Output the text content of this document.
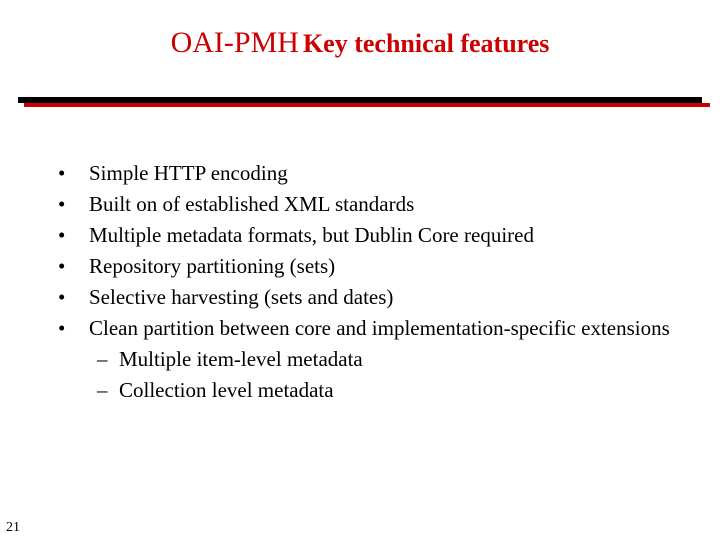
OAI-PMH Key technical features
• Simple HTTP encoding
• Built on of established XML standards
• Multiple metadata formats, but Dublin Core required
• Repository partitioning (sets)
• Selective harvesting (sets and dates)
• Clean partition between core and implementation-specific extensions
– Multiple item-level metadata
– Collection level metadata
21
